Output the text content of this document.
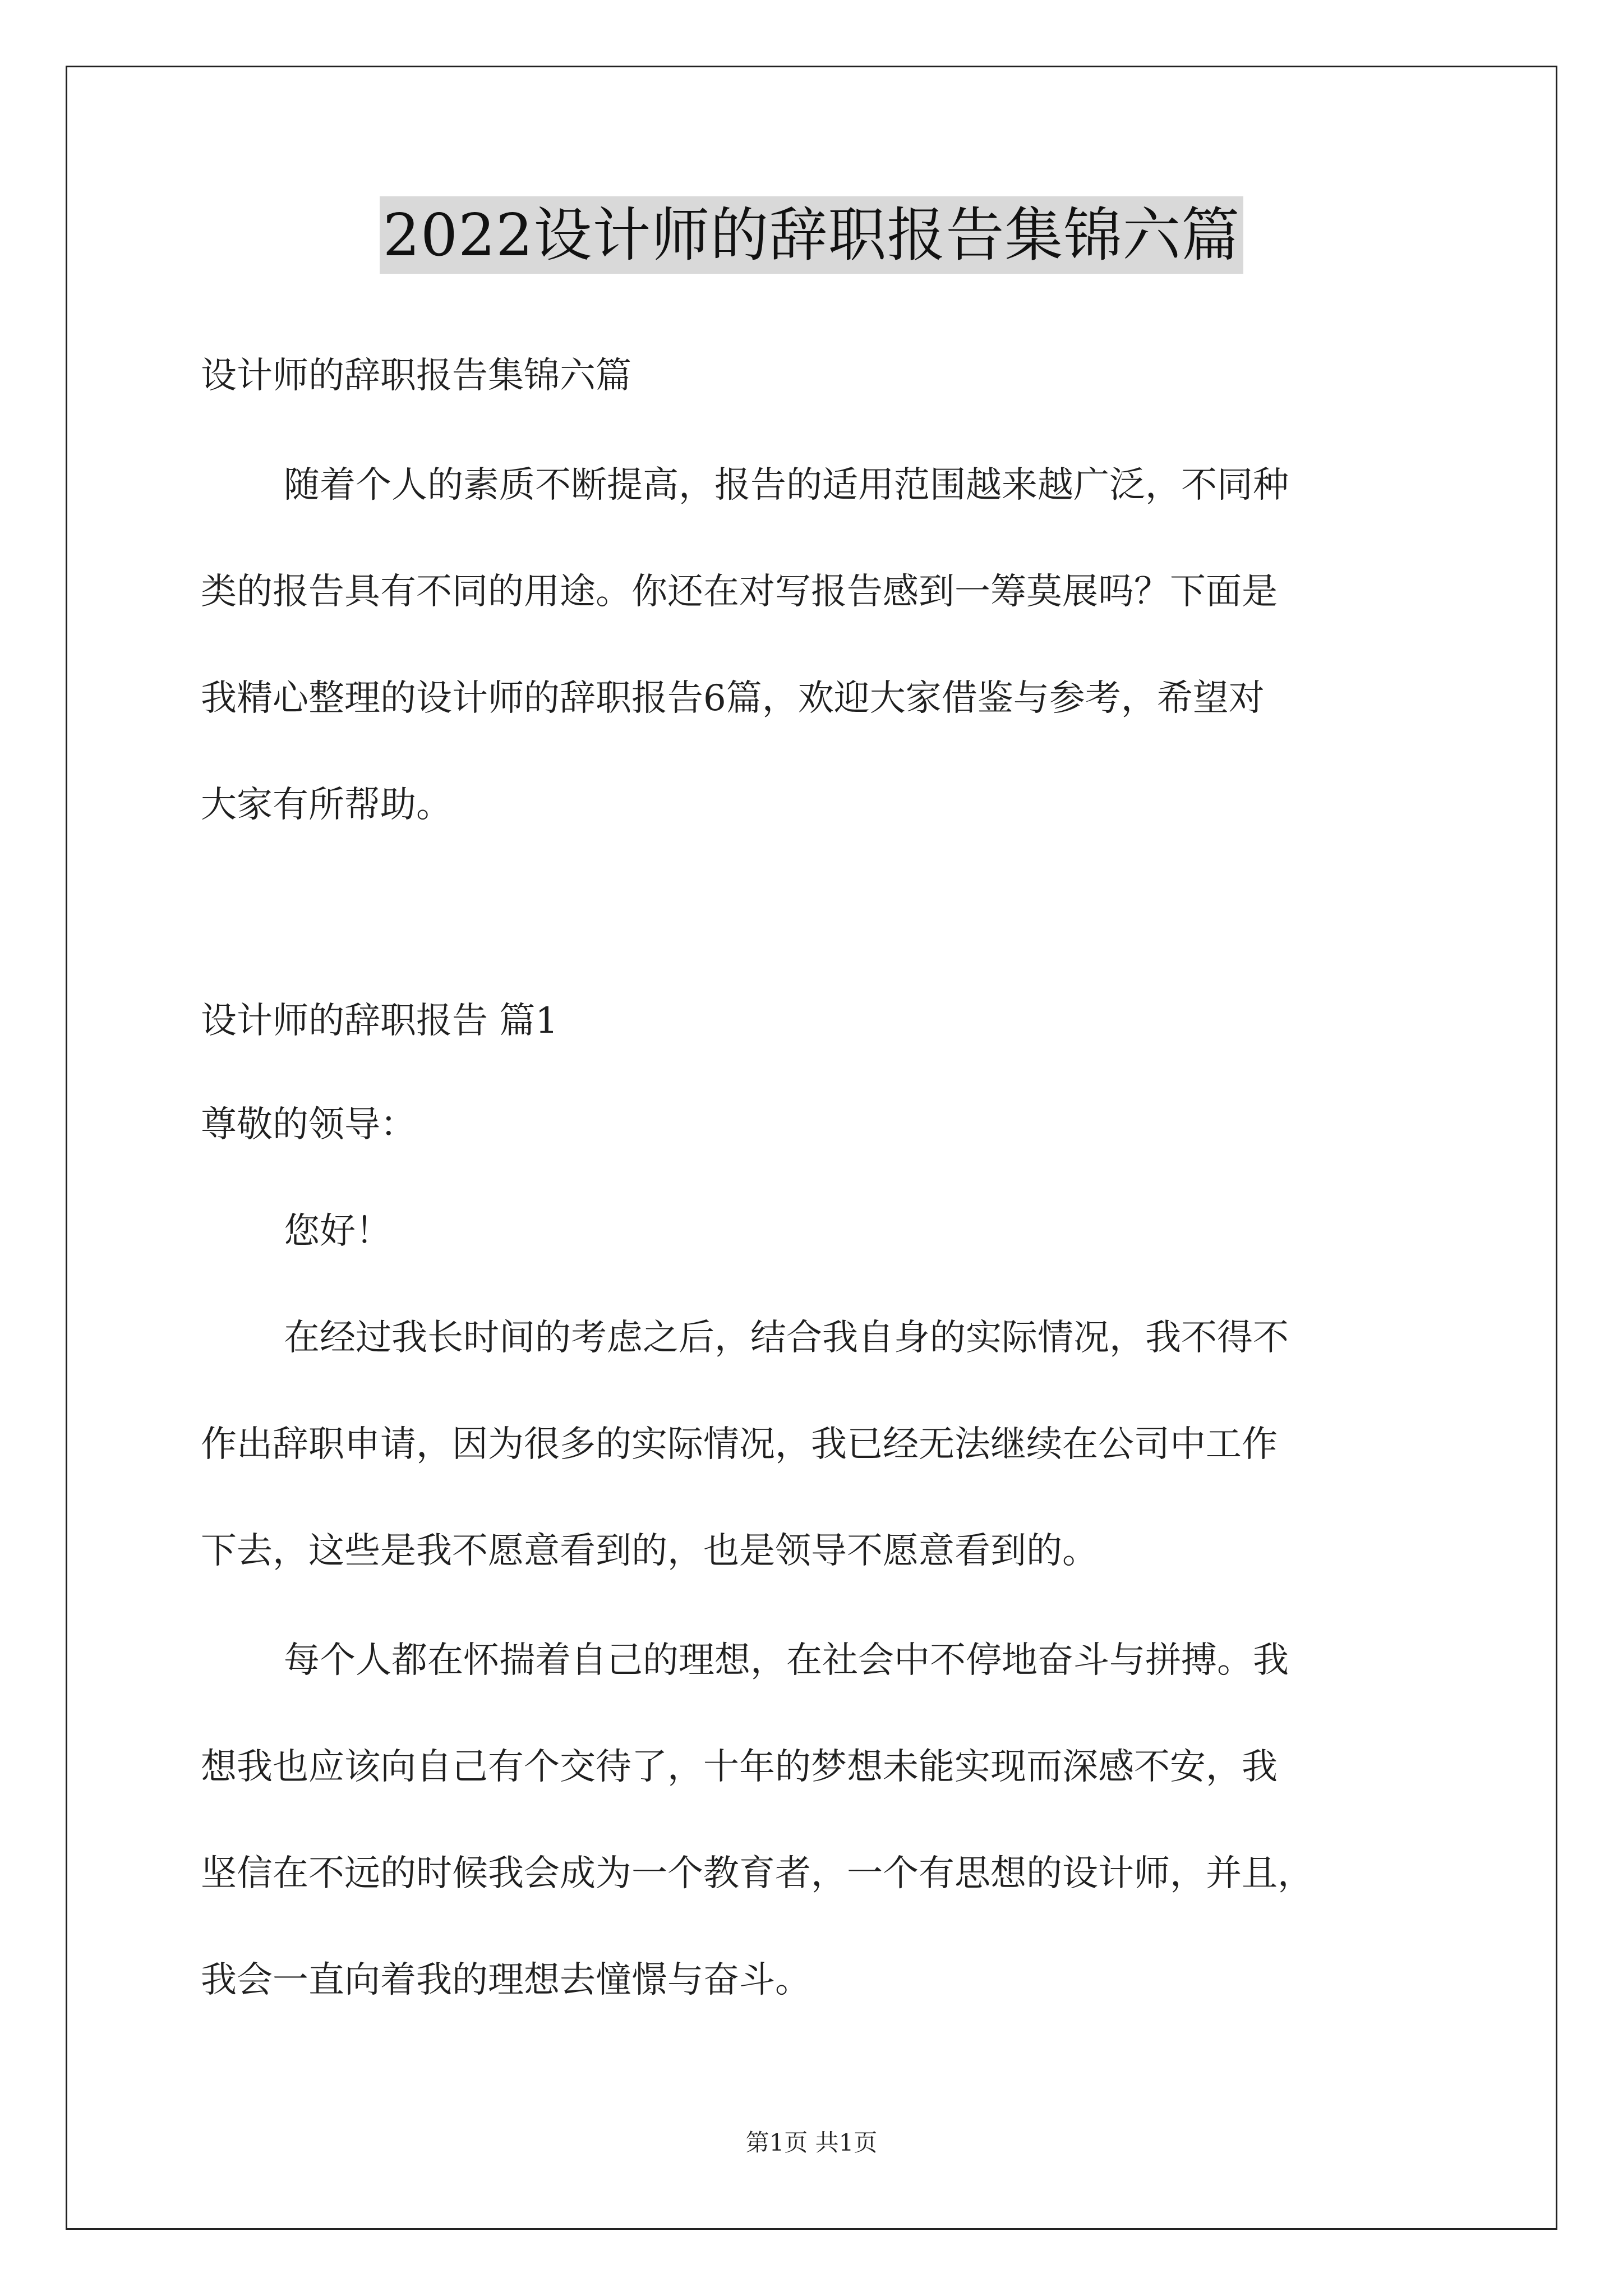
2022设计师的辞职报告集锦六篇
设计师的辞职报告集锦六篇
随着个人的素质不断提高，报告的适用范围越来越广泛，不同种
类的报告具有不同的用途。你还在对写报告感到一筹莫展吗？下面是
我精心整理的设计师的辞职报告6篇，欢迎大家借鉴与参考，希望对
大家有所帮助。
设计师的辞职报告 篇1
尊敬的领导：
您好！
在经过我长时间的考虑之后，结合我自身的实际情况，我不得不
作出辞职申请，因为很多的实际情况，我已经无法继续在公司中工作
下去，这些是我不愿意看到的，也是领导不愿意看到的。
每个人都在怀揣着自己的理想，在社会中不停地奋斗与拼搏。我
想我也应该向自己有个交待了，十年的梦想未能实现而深感不安，我
坚信在不远的时候我会成为一个教育者，一个有思想的设计师，并且，
我会一直向着我的理想去憧憬与奋斗。
第1页 共1页
